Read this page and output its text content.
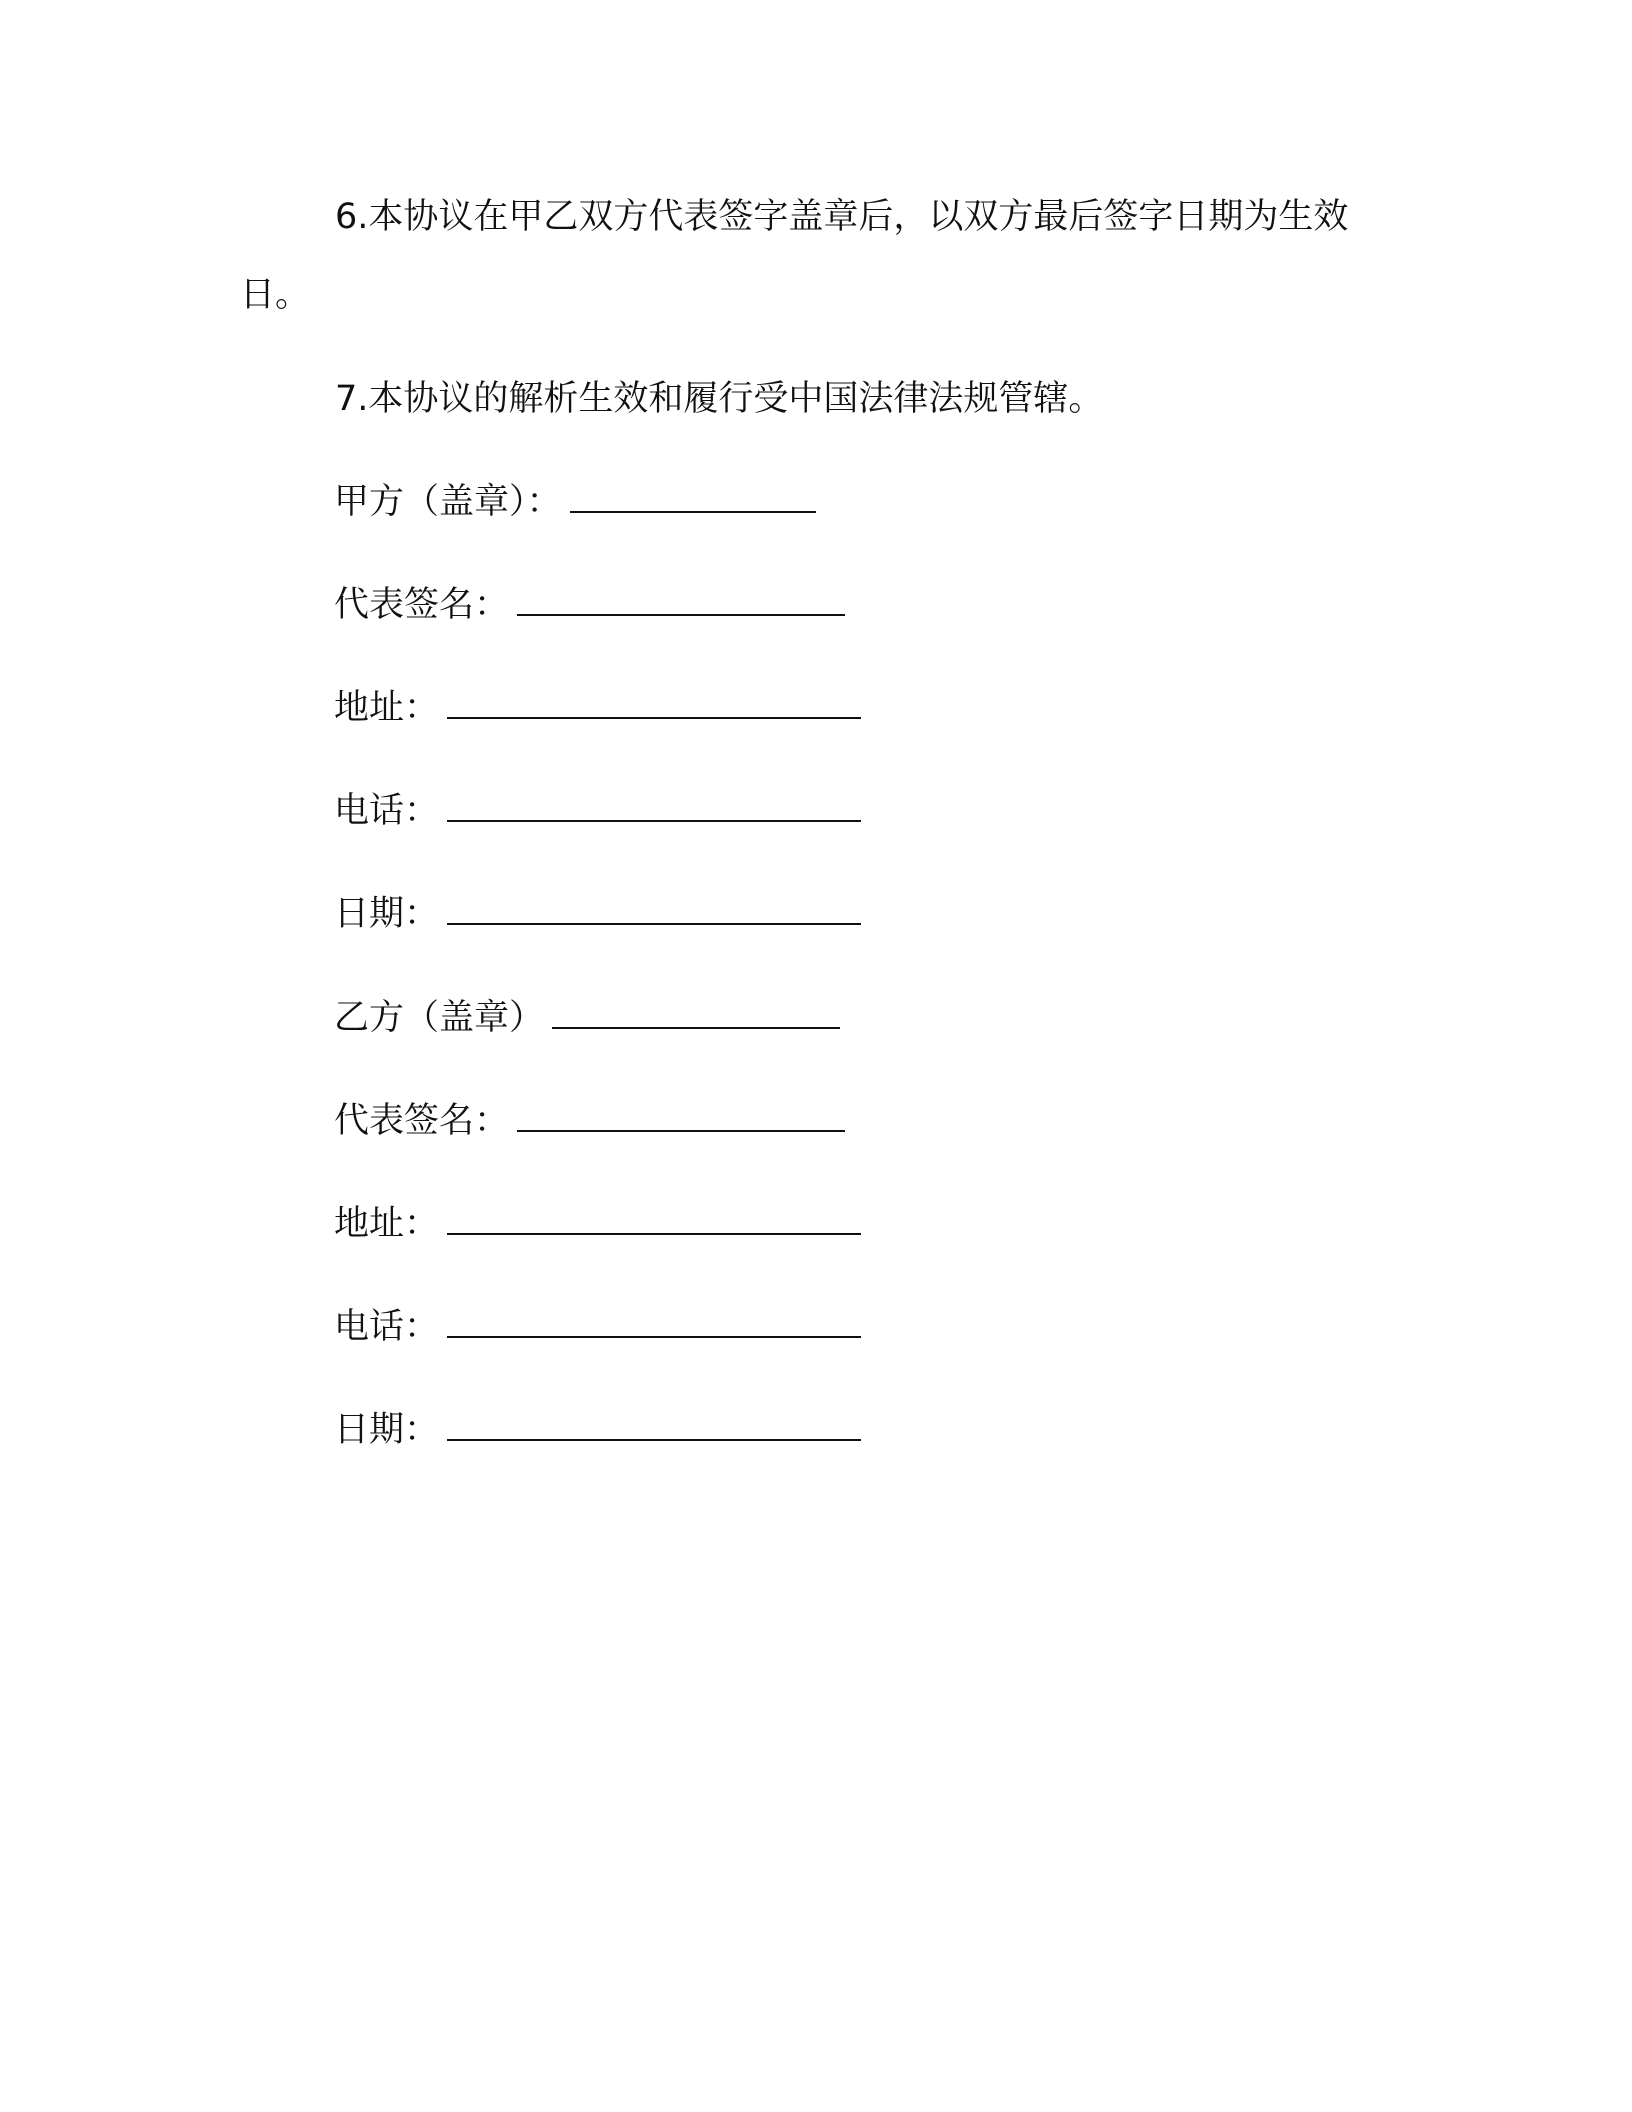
6.本协议在甲乙双方代表签字盖章后，以双方最后签字日期为生效日。

7.本协议的解析生效和履行受中国法律法规管辖。

甲方（盖章）：
代表签名：
地址：
电话：
日期：
乙方（盖章）
代表签名：
地址：
电话：
日期：
